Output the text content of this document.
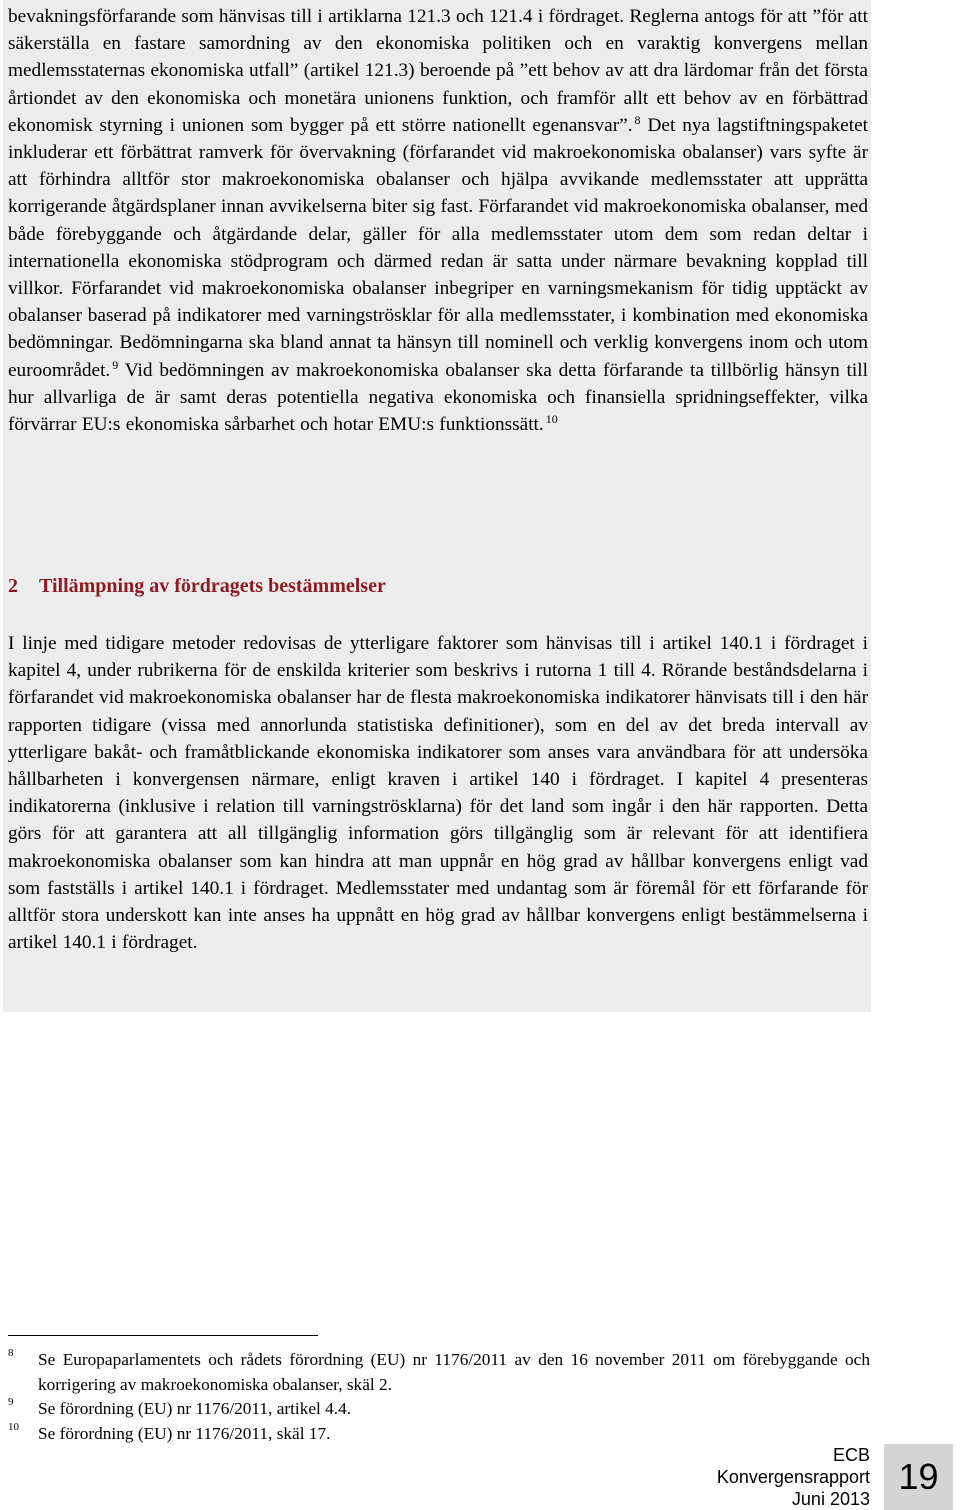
bevakningsförfarande som hänvisas till i artiklarna 121.3 och 121.4 i fördraget. Reglerna antogs för att ”för att säkerställa en fastare samordning av den ekonomiska politiken och en varaktig konvergens mellan medlemsstaternas ekonomiska utfall” (artikel 121.3) beroende på ”ett behov av att dra lärdomar från det första årtiondet av den ekonomiska och monetära unionens funktion, och framför allt ett behov av en förbättrad ekonomisk styrning i unionen som bygger på ett större nationellt egenansvar”. $^8$ Det nya lagstiftningspaketet inkluderar ett förbättrat ramverk för övervakning (förfarandet vid makroekonomiska obalanser) vars syfte är att förhindra alltför stor makroekonomiska obalanser och hjälpa avvikande medlemsstater att upprätta korrigerande åtgärdsplaner innan avvikelserna biter sig fast. Förfarandet vid makroekonomiska obalanser, med både förebyggande och åtgärdande delar, gäller för alla medlemsstater utom dem som redan deltar i internationella ekonomiska stödprogram och därmed redan är satta under närmare bevakning kopplad till villkor. Förfarandet vid makroekonomiska obalanser inbegriper en varningsmekanism för tidig upptäckt av obalanser baserad på indikatorer med varningströsklar för alla medlemsstater, i kombination med ekonomiska bedömningar. Bedömningarna ska bland annat ta hänsyn till nominell och verklig konvergens inom och utom euroområdet. $^9$ Vid bedömningen av makroekonomiska obalanser ska detta förfarande ta tillbörlig hänsyn till hur allvarliga de är samt deras potentiella negativa ekonomiska och finansiella spridningseffekter, vilka förvärrar EU:s ekonomiska sårbarhet och hotar EMU:s funktionssätt. $^{10}$

2 Tillämpning av fördragets bestämmelser

I linje med tidigare metoder redovisas de ytterligare faktorer som hänvisas till i artikel 140.1 i fördraget i kapitel 4, under rubrikerna för de enskilda kriterier som beskrivs i rutorna 1 till 4. Rörande beståndsdelarna i förfarandet vid makroekonomiska obalanser har de flesta makroekonomiska indikatorer hänvisats till i den här rapporten tidigare (vissa med annorlunda statistiska definitioner), som en del av det breda intervall av ytterligare bakåt- och framåtblickande ekonomiska indikatorer som anses vara användbara för att undersöka hållbarheten i konvergensen närmare, enligt kraven i artikel 140 i fördraget. I kapitel 4 presenteras indikatorerna (inklusive i relation till varningströsklarna) för det land som ingår i den här rapporten. Detta görs för att garantera att all tillgänglig information görs tillgänglig som är relevant för att identifiera makroekonomiska obalanser som kan hindra att man uppnår en hög grad av hållbar konvergens enligt vad som fastställs i artikel 140.1 i fördraget. Medlemsstater med undantag som är föremål för ett förfarande för alltför stora underskott kan inte anses ha uppnått en hög grad av hållbar konvergens enligt bestämmelserna i artikel 140.1 i fördraget.

8 Se Europaparlamentets och rådets förordning (EU) nr 1176/2011 av den 16 november 2011 om förebyggande och korrigering av makroekonomiska obalanser, skäl 2.
9 Se förordning (EU) nr 1176/2011, artikel 4.4.
10 Se förordning (EU) nr 1176/2011, skäl 17.
ECB
Konvergensrapport
Juni 2013
19
